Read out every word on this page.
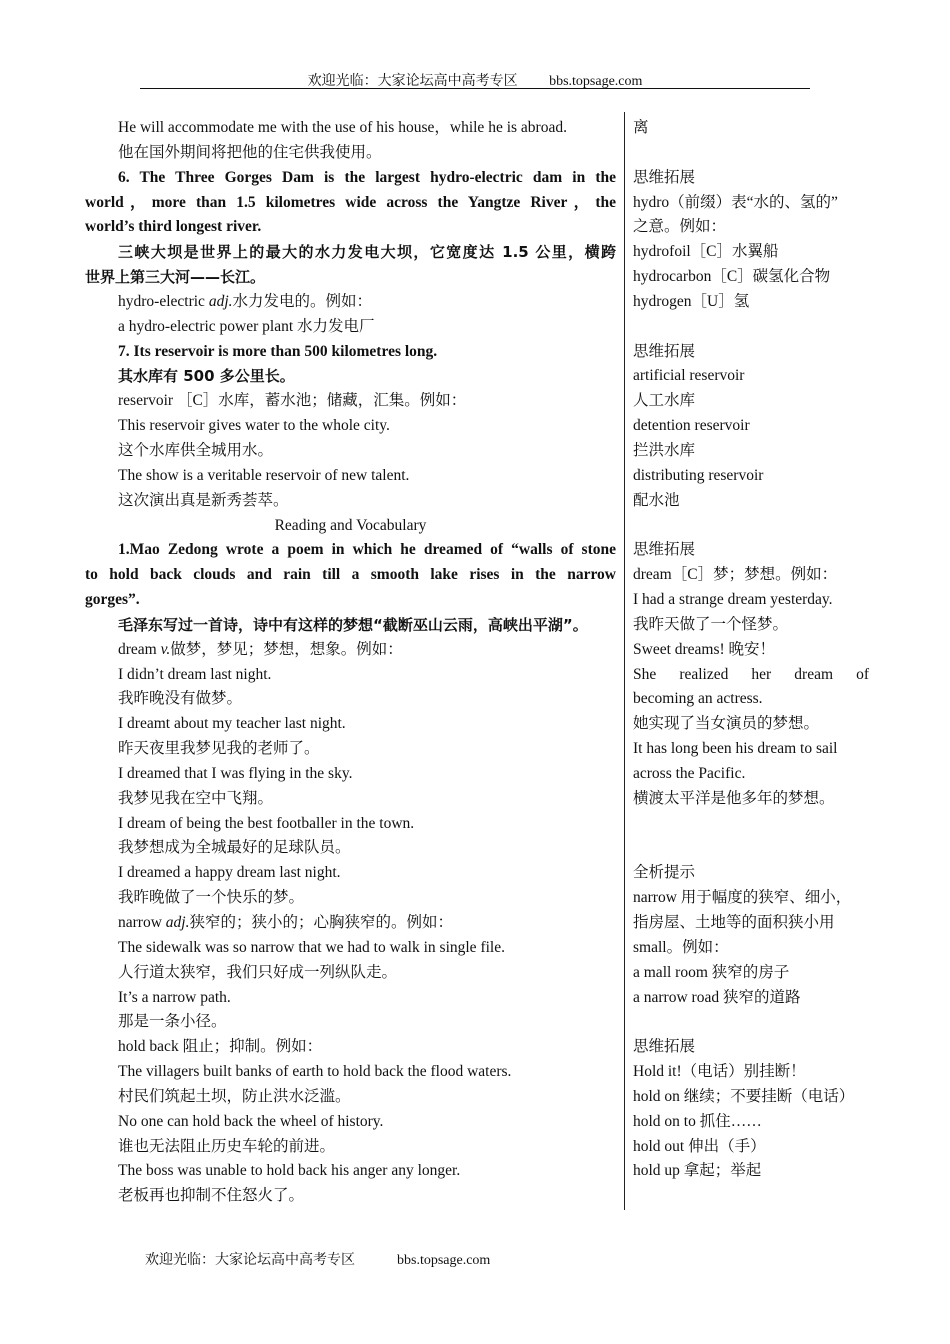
欢迎光临：大家论坛高中高考专区 bbs.topsage.com
He will accommodate me with the use of his house，while he is abroad.
他在国外期间将把他的住宅供我使用。
6. The Three Gorges Dam is the largest hydro-electric dam in the
world，more than 1.5 kilometres wide across the Yangtze River，the
world’s third longest river.
三峡大坝是世界上的最大的水力发电大坝，它宽度达 1.5 公里，横跨
世界上第三大河——长江。
hydro-electric adj.水力发电的。例如：
a hydro-electric power plant 水力发电厂
7. Its reservoir is more than 500 kilometres long.
其水库有 500 多公里长。
reservoir ［C］水库，蓄水池；储藏，汇集。例如：
This reservoir gives water to the whole city.
这个水库供全城用水。
The show is a veritable reservoir of new talent.
这次演出真是新秀荟萃。
Reading and Vocabulary
1.Mao Zedong wrote a poem in which he dreamed of “walls of stone
to hold back clouds and rain till a smooth lake rises in the narrow
gorges”.
毛泽东写过一首诗，诗中有这样的梦想“截断巫山云雨，高峡出平湖”。
dream v.做梦，梦见；梦想，想象。例如：
I didn’t dream last night.
我昨晚没有做梦。
I dreamt about my teacher last night.
昨天夜里我梦见我的老师了。
I dreamed that I was flying in the sky.
我梦见我在空中飞翔。
I dream of being the best footballer in the town.
我梦想成为全城最好的足球队员。
I dreamed a happy dream last night.
我昨晚做了一个快乐的梦。
narrow adj.狭窄的；狭小的；心胸狭窄的。例如：
The sidewalk was so narrow that we had to walk in single file.
人行道太狭窄，我们只好成一列纵队走。
It’s a narrow path.
那是一条小径。
hold back 阻止；抑制。例如：
The villagers built banks of earth to hold back the flood waters.
村民们筑起土坝，防止洪水泛滥。
No one can hold back the wheel of history.
谁也无法阻止历史车轮的前进。
The boss was unable to hold back his anger any longer.
老板再也抑制不住怒火了。
离
思维拓展
hydro（前缀）表“水的、氢的”
之意。例如：
hydrofoil［C］水翼船
hydrocarbon［C］碳氢化合物
hydrogen［U］氢
思维拓展
artificial reservoir
人工水库
detention reservoir
拦洪水库
distributing reservoir
配水池
思维拓展
dream［C］梦；梦想。例如：
I had a strange dream yesterday.
我昨天做了一个怪梦。
Sweet dreams! 晚安！
She realized her dream of
becoming an actress.
她实现了当女演员的梦想。
It has long been his dream to sail
across the Pacific.
横渡太平洋是他多年的梦想。
全析提示
narrow 用于幅度的狭窄、细小，
指房屋、土地等的面积狭小用
small。例如：
a mall room 狭窄的房子
a narrow road 狭窄的道路
思维拓展
Hold it!（电话）别挂断！
hold on 继续；不要挂断（电话）
hold on to 抓住……
hold out 伸出（手）
hold up 拿起；举起
欢迎光临：大家论坛高中高考专区	bbs.topsage.com
